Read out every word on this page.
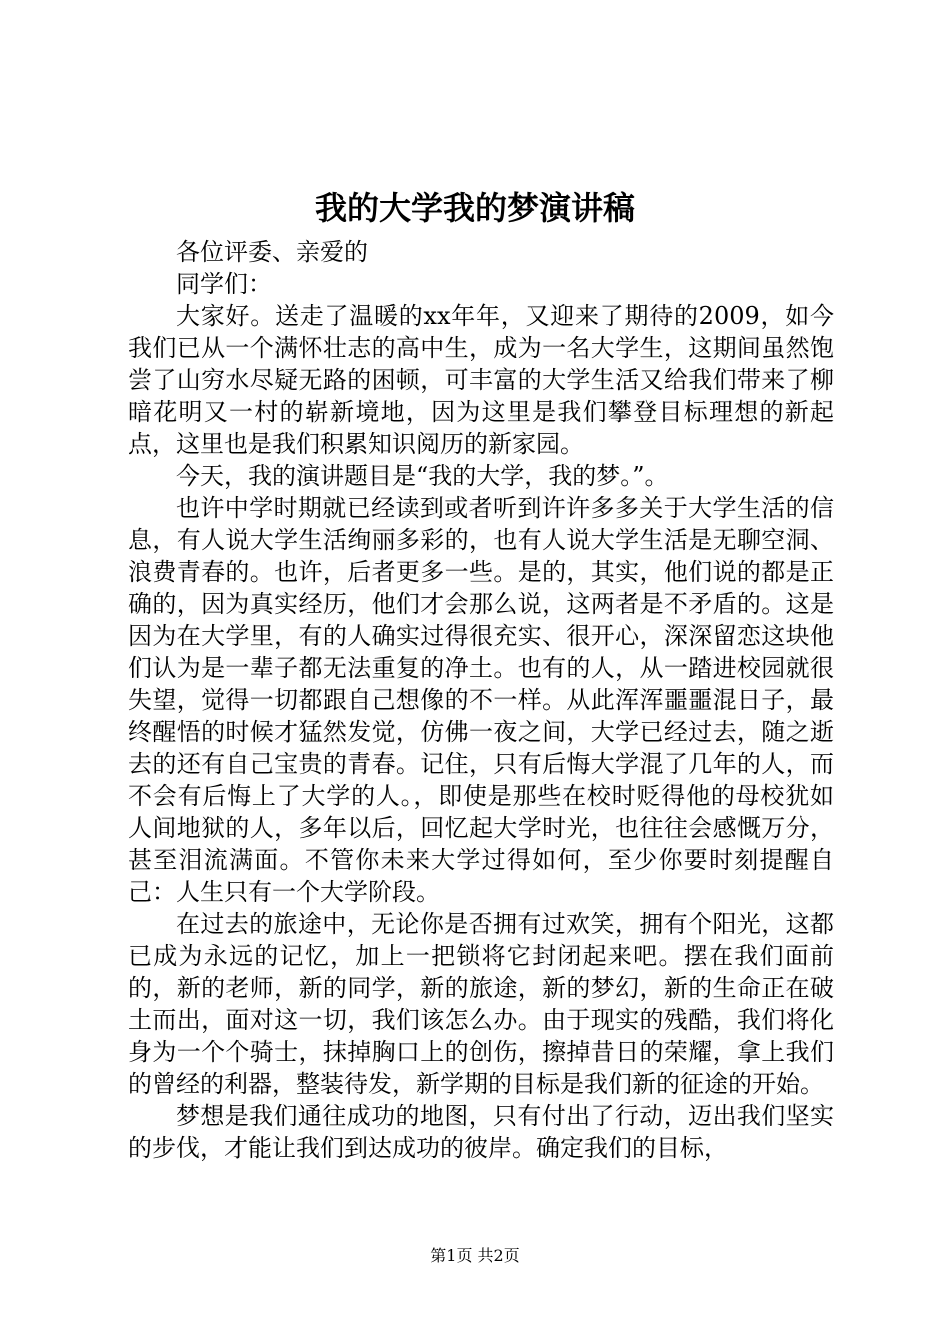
我的大学我的梦演讲稿

各位评委、亲爱的

同学们：

大家好。送走了温暖的xx年年，又迎来了期待的2009，如今我们已从一个满怀壮志的高中生，成为一名大学生，这期间虽然饱尝了山穷水尽疑无路的困顿，可丰富的大学生活又给我们带来了柳暗花明又一村的崭新境地，因为这里是我们攀登目标理想的新起点，这里也是我们积累知识阅历的新家园。

今天，我的演讲题目是“我的大学，我的梦。”。

也许中学时期就已经读到或者听到许许多多关于大学生活的信息，有人说大学生活绚丽多彩的，也有人说大学生活是无聊空洞、浪费青春的。也许，后者更多一些。是的，其实，他们说的都是正确的，因为真实经历，他们才会那么说，这两者是不矛盾的。这是因为在大学里，有的人确实过得很充实、很开心，深深留恋这块他们认为是一辈子都无法重复的净土。也有的人，从一踏进校园就很失望，觉得一切都跟自己想像的不一样。从此浑浑噩噩混日子，最终醒悟的时候才猛然发觉，仿佛一夜之间，大学已经过去，随之逝去的还有自己宝贵的青春。记住，只有后悔大学混了几年的人，而不会有后悔上了大学的人。，即使是那些在校时贬得他的母校犹如人间地狱的人，多年以后，回忆起大学时光，也往往会感慨万分，甚至泪流满面。不管你未来大学过得如何，至少你要时刻提醒自己：人生只有一个大学阶段。

在过去的旅途中，无论你是否拥有过欢笑，拥有个阳光，这都已成为永远的记忆，加上一把锁将它封闭起来吧。摆在我们面前的，新的老师，新的同学，新的旅途，新的梦幻，新的生命正在破土而出，面对这一切，我们该怎么办。由于现实的残酷，我们将化身为一个个骑士，抹掉胸口上的创伤，擦掉昔日的荣耀，拿上我们的曾经的利器，整装待发，新学期的目标是我们新的征途的开始。

梦想是我们通往成功的地图，只有付出了行动，迈出我们坚实的步伐，才能让我们到达成功的彼岸。确定我们的目标，

第1页 共2页
